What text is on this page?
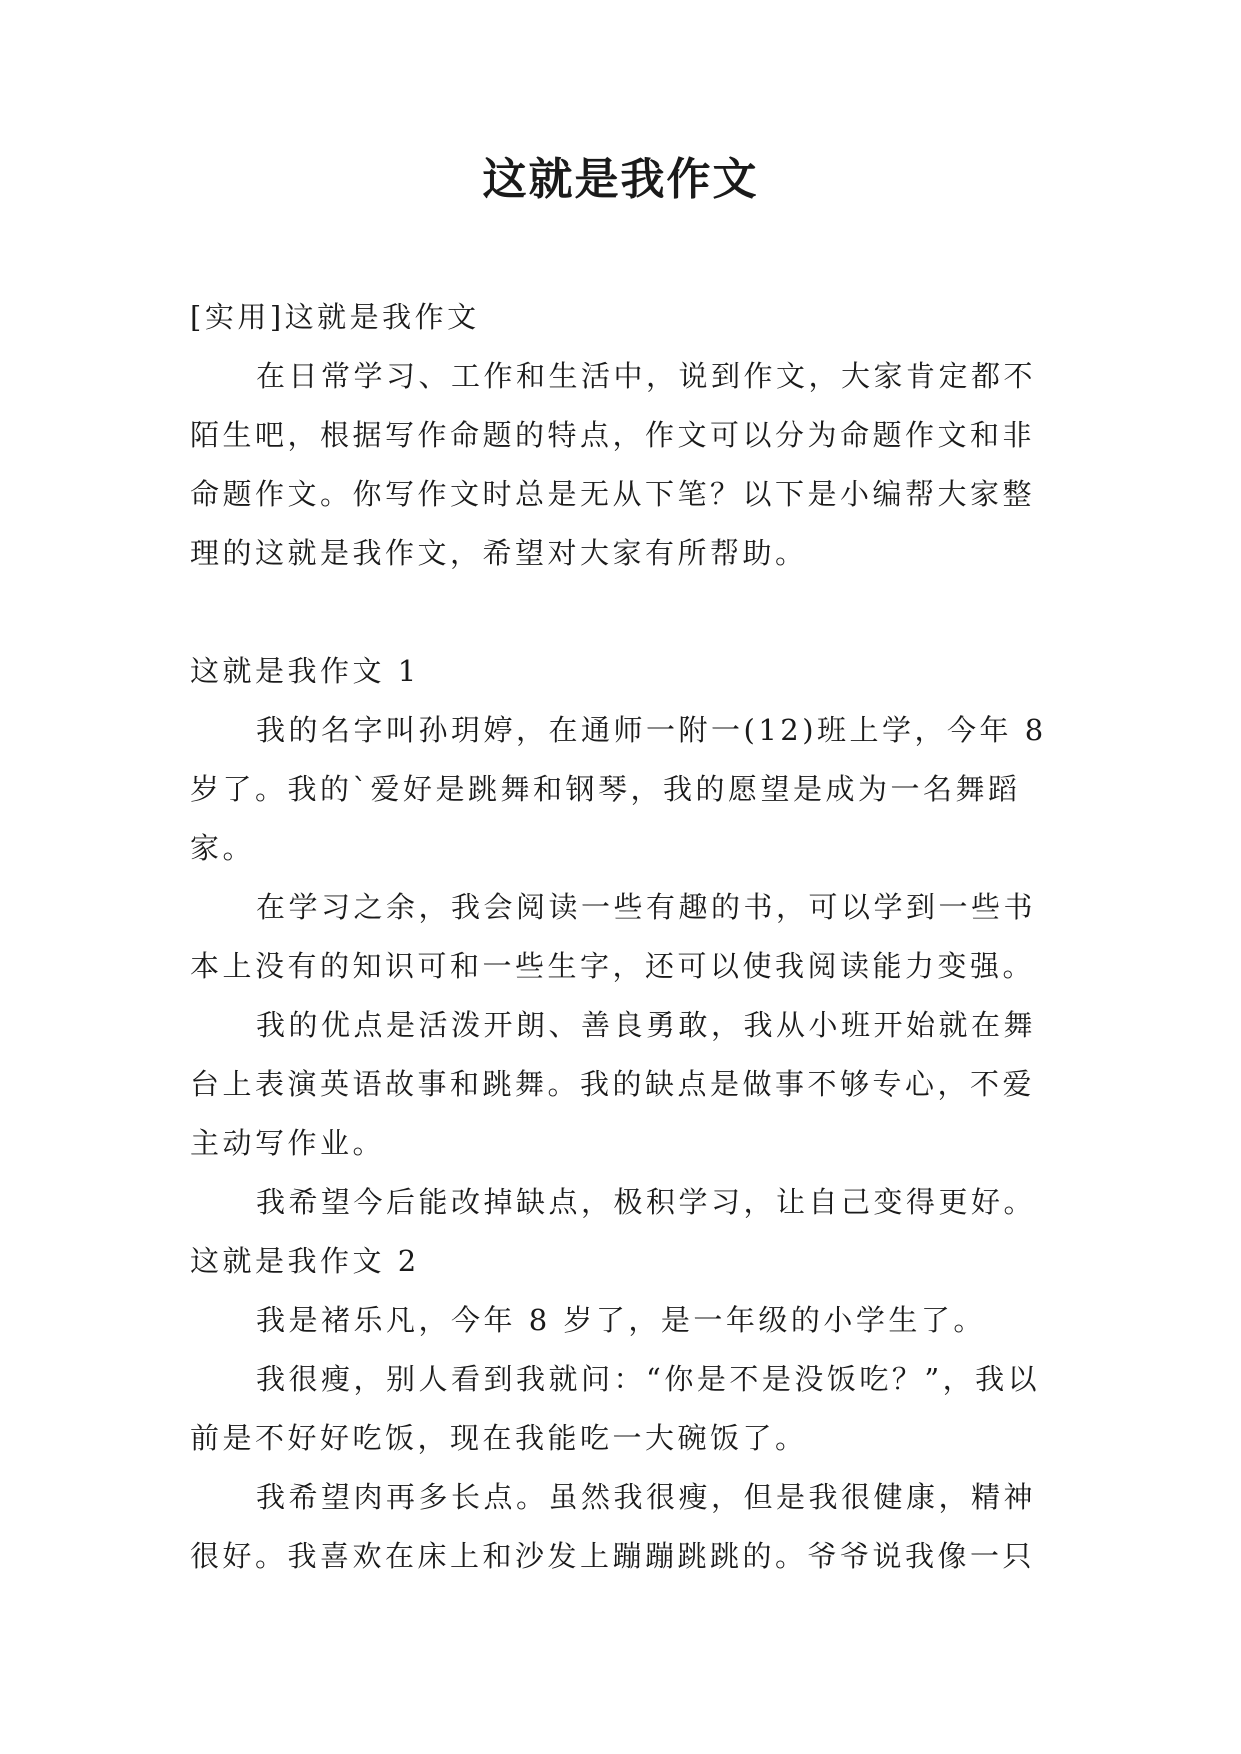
这就是我作文

[实用]这就是我作文

在日常学习、工作和生活中，说到作文，大家肯定都不

陌生吧，根据写作命题的特点，作文可以分为命题作文和非

命题作文。你写作文时总是无从下笔？以下是小编帮大家整

理的这就是我作文，希望对大家有所帮助。

这就是我作文 1

我的名字叫孙玥婷，在通师一附一(12)班上学，今年 8

岁了。我的`爱好是跳舞和钢琴，我的愿望是成为一名舞蹈

家。

在学习之余，我会阅读一些有趣的书，可以学到一些书

本上没有的知识可和一些生字，还可以使我阅读能力变强。

我的优点是活泼开朗、善良勇敢，我从小班开始就在舞

台上表演英语故事和跳舞。我的缺点是做事不够专心，不爱

主动写作业。

我希望今后能改掉缺点，极积学习，让自己变得更好。

这就是我作文 2

我是褚乐凡，今年 8 岁了，是一年级的小学生了。

我很瘦，别人看到我就问：“你是不是没饭吃？”，我以

前是不好好吃饭，现在我能吃一大碗饭了。

我希望肉再多长点。虽然我很瘦，但是我很健康，精神

很好。我喜欢在床上和沙发上蹦蹦跳跳的。爷爷说我像一只
